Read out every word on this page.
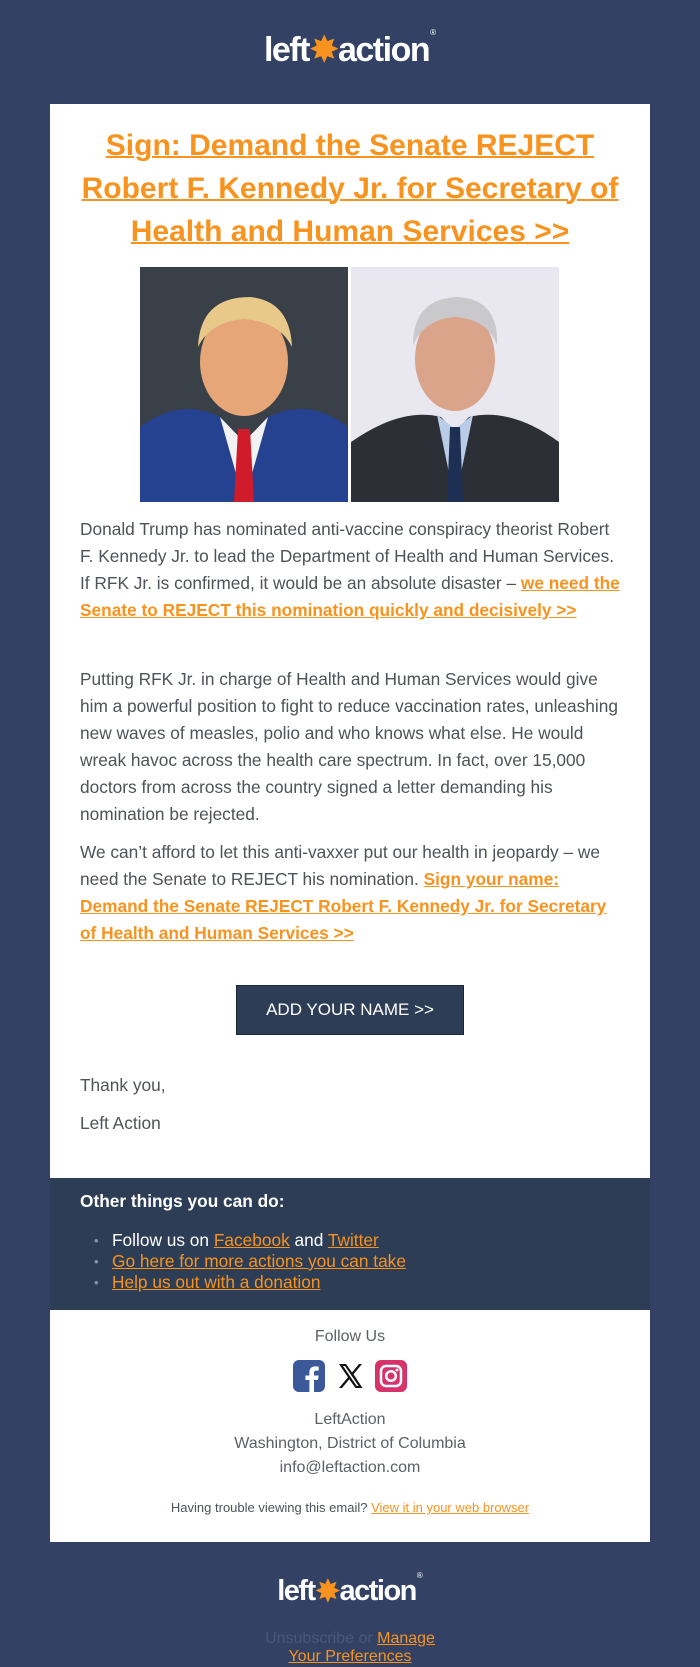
left ✸ action ®
Sign: Demand the Senate REJECT Robert F. Kennedy Jr. for Secretary of Health and Human Services >>

Donald Trump has nominated anti-vaccine conspiracy theorist Robert F. Kennedy Jr. to lead the Department of Health and Human Services. If RFK Jr. is confirmed, it would be an absolute disaster – we need the Senate to REJECT this nomination quickly and decisively >>

Putting RFK Jr. in charge of Health and Human Services would give him a powerful position to fight to reduce vaccination rates, unleashing new waves of measles, polio and who knows what else. He would wreak havoc across the health care spectrum. In fact, over 15,000 doctors from across the country signed a letter demanding his nomination be rejected.

We can’t afford to let this anti-vaxxer put our health in jeopardy – we need the Senate to REJECT his nomination. Sign your name: Demand the Senate REJECT Robert F. Kennedy Jr. for Secretary of Health and Human Services >>

ADD YOUR NAME >>
Thank you,
Left Action
Other things you can do:
• Follow us on Facebook and Twitter
• Go here for more actions you can take
• Help us out with a donation
Follow Us
LeftAction
Washington, District of Columbia
info@leftaction.com
Having trouble viewing this email? View it in your web browser
left ✸ action ®
Unsubscribe or Manage
Your Preferences
